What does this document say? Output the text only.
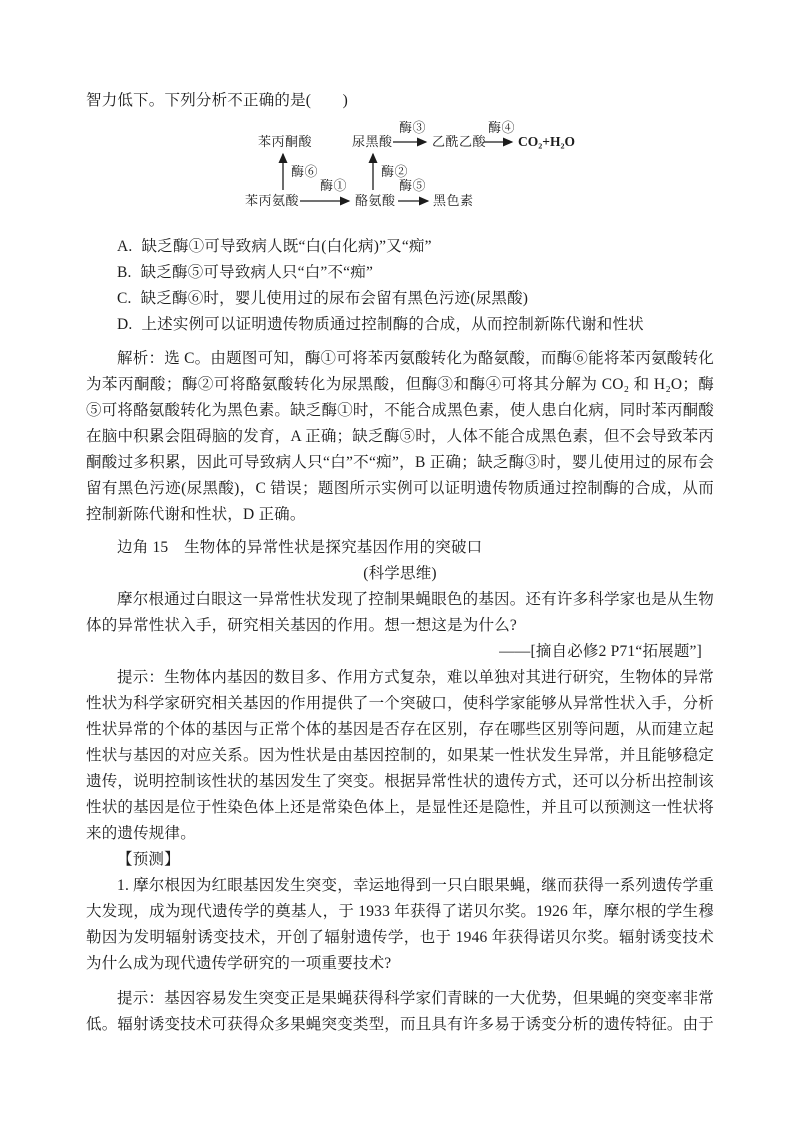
智力低下。下列分析不正确的是(　　)

苯丙酮酸	尿黑酸	乙酰乙酸 CO₂+H₂O
苯丙氨酸	酪氨酸	黑色素
酶③	酶④
酶⑥	酶②
酶①	酶⑤

A. 缺乏酶①可导致病人既“白(白化病)”又“痴”

B. 缺乏酶⑤可导致病人只“白”不“痴”

C. 缺乏酶⑥时，婴儿使用过的尿布会留有黑色污迹(尿黑酸)

D. 上述实例可以证明遗传物质通过控制酶的合成，从而控制新陈代谢和性状

解析：选 C。由题图可知，酶①可将苯丙氨酸转化为酪氨酸，而酶⑥能将苯丙氨酸转化为苯丙酮酸；酶②可将酪氨酸转化为尿黑酸，但酶③和酶④可将其分解为 CO₂ 和 H₂O；酶⑤可将酪氨酸转化为黑色素。缺乏酶①时，不能合成黑色素，使人患白化病，同时苯丙酮酸在脑中积累会阻碍脑的发育，A 正确；缺乏酶⑤时，人体不能合成黑色素，但不会导致苯丙酮酸过多积累，因此可导致病人只“白”不“痴”，B 正确；缺乏酶③时，婴儿使用过的尿布会留有黑色污迹(尿黑酸)，C 错误；题图所示实例可以证明遗传物质通过控制酶的合成，从而控制新陈代谢和性状，D 正确。

边角 15　生物体的异常性状是探究基因作用的突破口

(科学思维)

摩尔根通过白眼这一异常性状发现了控制果蝇眼色的基因。还有许多科学家也是从生物体的异常性状入手，研究相关基因的作用。想一想这是为什么?

——[摘自必修2 P71“拓展题”]

提示：生物体内基因的数目多、作用方式复杂，难以单独对其进行研究，生物体的异常性状为科学家研究相关基因的作用提供了一个突破口，使科学家能够从异常性状入手，分析性状异常的个体的基因与正常个体的基因是否存在区别，存在哪些区别等问题，从而建立起性状与基因的对应关系。因为性状是由基因控制的，如果某一性状发生异常，并且能够稳定遗传，说明控制该性状的基因发生了突变。根据异常性状的遗传方式，还可以分析出控制该性状的基因是位于性染色体上还是常染色体上，是显性还是隐性，并且可以预测这一性状将来的遗传规律。

【预测】

1. 摩尔根因为红眼基因发生突变，幸运地得到一只白眼果蝇，继而获得一系列遗传学重大发现，成为现代遗传学的奠基人，于 1933 年获得了诺贝尔奖。1926 年，摩尔根的学生穆勒因为发明辐射诱变技术，开创了辐射遗传学，也于 1946 年获得诺贝尔奖。辐射诱变技术为什么成为现代遗传学研究的一项重要技术?

提示：基因容易发生突变正是果蝇获得科学家们青睐的一大优势，但果蝇的突变率非常低。辐射诱变技术可获得众多果蝇突变类型，而且具有许多易于诱变分析的遗传特征。由于
